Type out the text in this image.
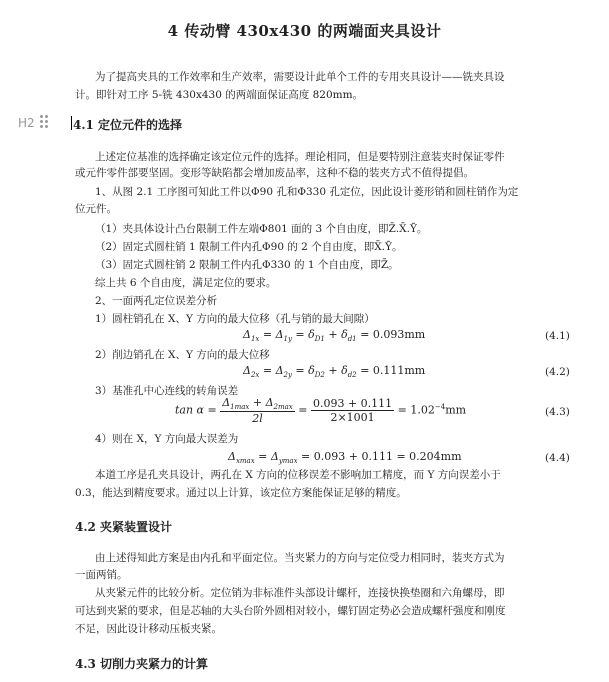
4 传动臂 430x430 的两端面夹具设计
为了提高夹具的工作效率和生产效率，需要设计此单个工件的专用夹具设计——铣夹具设
计。即针对工序 5-铣 430x430 的两端面保证高度 820mm。
H2	4.1 定位元件的选择
上述定位基准的选择确定该定位元件的选择。理论相同，但是要特别注意装夹时保证零件
或元件零件部要坚固。变形等缺陷都会增加废品率，这种不稳的装夹方式不值得提倡。
1、从图 2.1 工序图可知此工件以Φ90 孔和Φ330 孔定位，因此设计菱形销和圆柱销作为定
位元件。
（1）夹具体设计凸台限制工件左端Φ801 面的 3 个自由度，即Z̄.X̄.Ȳ。
（2）固定式圆柱销 1 限制工件内孔Φ90 的 2 个自由度，即X̄.Ȳ。
（3）固定式圆柱销 2 限制工件内孔Φ330 的 1 个自由度，即Z̄。
综上共 6 个自由度，满足定位的要求。
2、一面两孔定位误差分析
1）圆柱销孔在 X、Y 方向的最大位移（孔与销的最大间隙）
$\Delta_{1x} = \Delta_{1y} = \delta_{D1} + \delta_{d1} = 0.093mm$	(4.1)
2）削边销孔在 X、Y 方向的最大位移
$\Delta_{2x} = \Delta_{2y} = \delta_{D2} + \delta_{d2} = 0.111mm$	(4.2)
3）基准孔中心连线的转角误差
$\tan \alpha = \frac{\Delta_{1max} + \Delta_{2max}}{2l} = \frac{0.093 + 0.111}{2\times 1001} = 1.02^{-4}mm$	(4.3)
4）则在 X，Y 方向最大误差为
$\Delta_{xmax} = \Delta_{ymax} = 0.093 + 0.111 = 0.204mm$	(4.4)
本道工序是孔夹具设计，两孔在 X 方向的位移误差不影响加工精度，而 Y 方向误差小于
0.3，能达到精度要求。通过以上计算，该定位方案能保证足够的精度。
4.2 夹紧装置设计
由上述得知此方案是由内孔和平面定位。当夹紧力的方向与定位受力相同时，装夹方式为
一面两销。
从夹紧元件的比较分析。定位销为非标准件头部设计螺杆，连接快换垫圈和六角螺母，即
可达到夹紧的要求，但是芯轴的大头台阶外圆相对较小，螺钉固定势必会造成螺杆强度和刚度
不足，因此设计移动压板夹紧。
4.3 切削力夹紧力的计算
